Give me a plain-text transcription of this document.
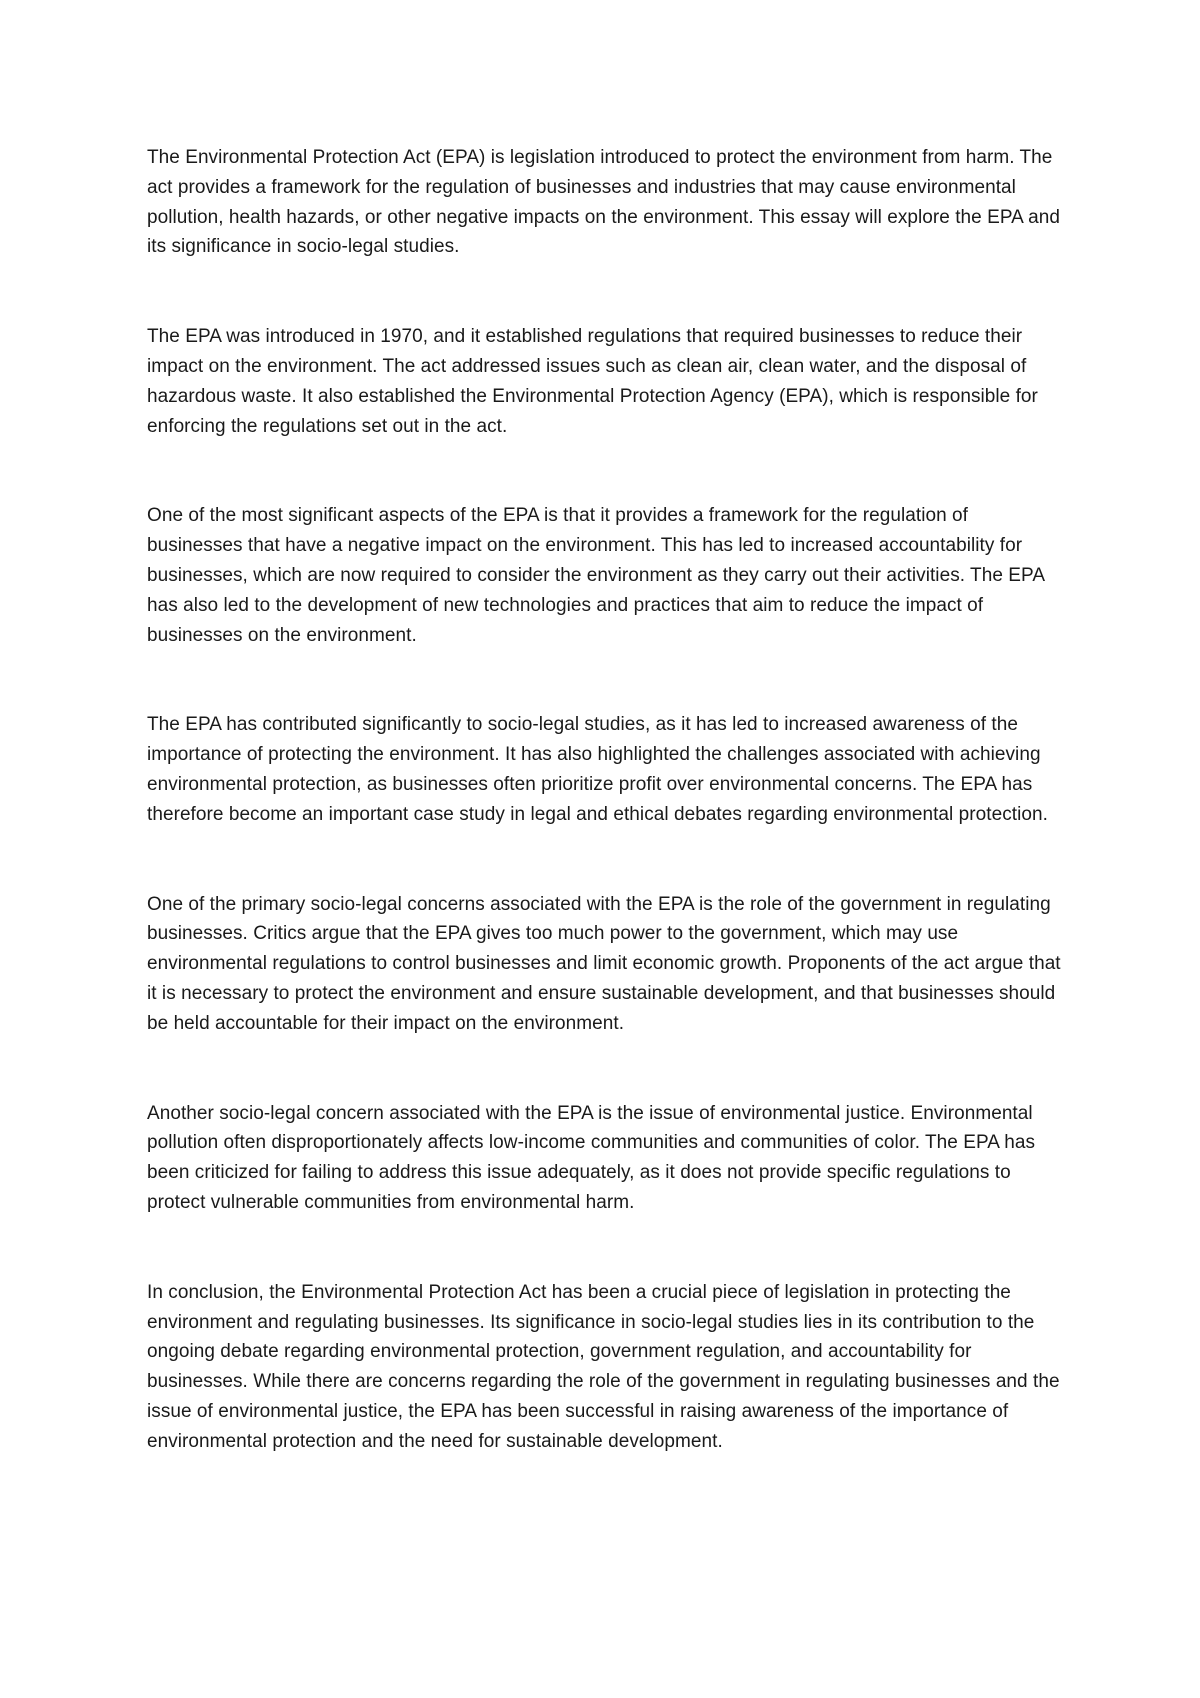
The Environmental Protection Act (EPA) is legislation introduced to protect the environment from harm. The act provides a framework for the regulation of businesses and industries that may cause environmental pollution, health hazards, or other negative impacts on the environment. This essay will explore the EPA and its significance in socio-legal studies.

The EPA was introduced in 1970, and it established regulations that required businesses to reduce their impact on the environment. The act addressed issues such as clean air, clean water, and the disposal of hazardous waste. It also established the Environmental Protection Agency (EPA), which is responsible for enforcing the regulations set out in the act.

One of the most significant aspects of the EPA is that it provides a framework for the regulation of businesses that have a negative impact on the environment. This has led to increased accountability for businesses, which are now required to consider the environment as they carry out their activities. The EPA has also led to the development of new technologies and practices that aim to reduce the impact of businesses on the environment.

The EPA has contributed significantly to socio-legal studies, as it has led to increased awareness of the importance of protecting the environment. It has also highlighted the challenges associated with achieving environmental protection, as businesses often prioritize profit over environmental concerns. The EPA has therefore become an important case study in legal and ethical debates regarding environmental protection.

One of the primary socio-legal concerns associated with the EPA is the role of the government in regulating businesses. Critics argue that the EPA gives too much power to the government, which may use environmental regulations to control businesses and limit economic growth. Proponents of the act argue that it is necessary to protect the environment and ensure sustainable development, and that businesses should be held accountable for their impact on the environment.

Another socio-legal concern associated with the EPA is the issue of environmental justice. Environmental pollution often disproportionately affects low-income communities and communities of color. The EPA has been criticized for failing to address this issue adequately, as it does not provide specific regulations to protect vulnerable communities from environmental harm.

In conclusion, the Environmental Protection Act has been a crucial piece of legislation in protecting the environment and regulating businesses. Its significance in socio-legal studies lies in its contribution to the ongoing debate regarding environmental protection, government regulation, and accountability for businesses. While there are concerns regarding the role of the government in regulating businesses and the issue of environmental justice, the EPA has been successful in raising awareness of the importance of environmental protection and the need for sustainable development.
